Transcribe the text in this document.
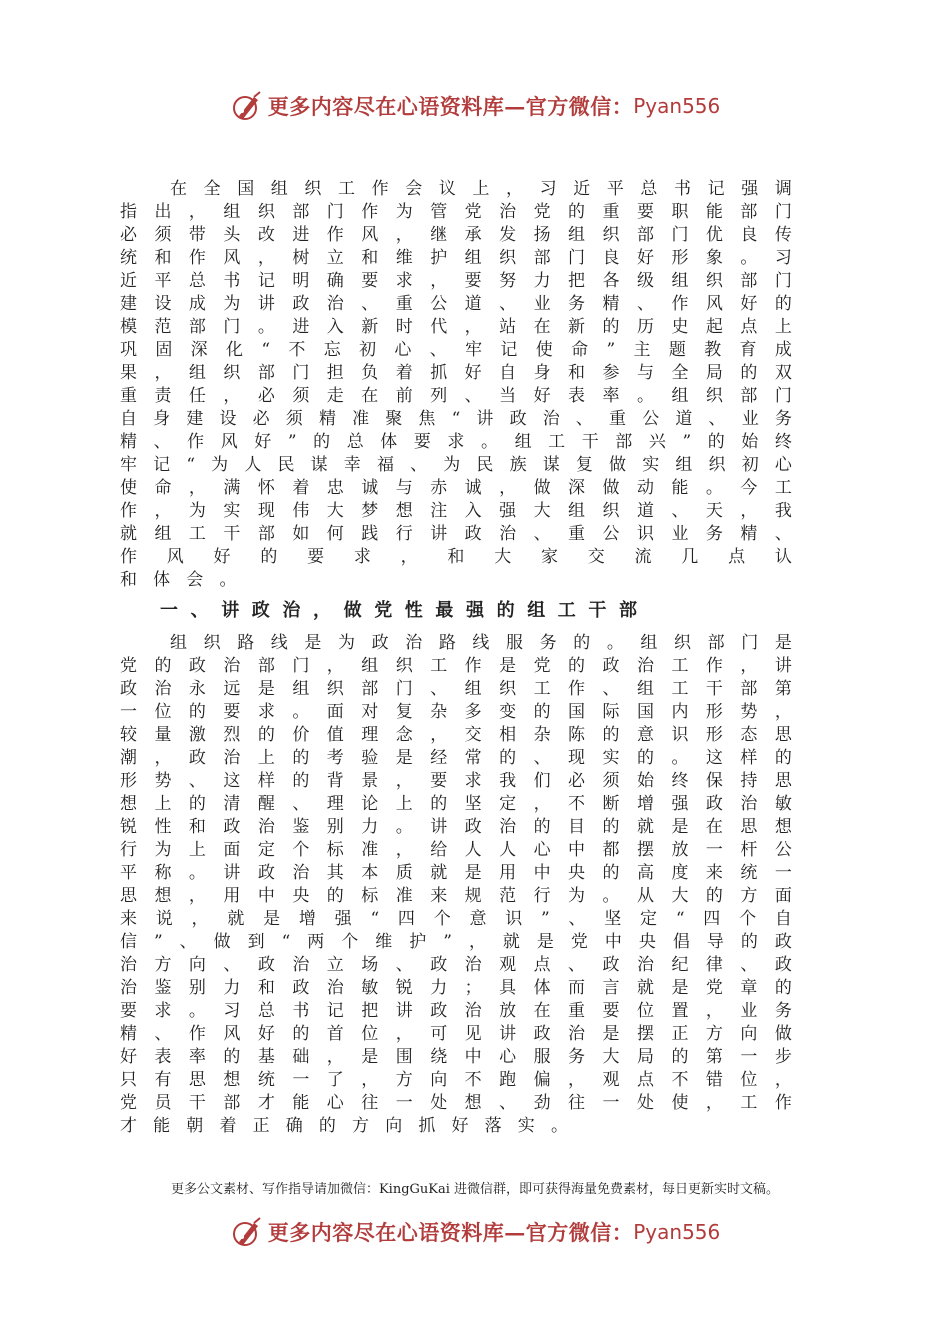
更多内容尽在心语资料库—官方微信： Pyan556

在全国组织工作会议上，习近平总书记强调指出，组织部门作为管党治党的重要职能部门必须带头改进作风，继承发扬组织部门优良传统和作风，树立和维护组织部门良好形象。习近平总书记明确要求，要努力把各级组织部门建设成为讲政治、重公道、业务精、作风好的模范部门。进入新时代，站在新的历史起点上巩固深化“不忘初心、牢记使命”主题教育成果，组织部门担负着抓好自身和参与全局的双重责任，必须走在前列、当好表率。组织部门自身建设必须精准聚焦“讲政治、重公道、业务精、作风好”的总体要求。组工干部兴”的始终牢记“为人民谋幸福、为民族谋复做实组织初心使命，满怀着忠诚与赤诚，做深做动能。今工作，为实现伟大梦想注入强大组织道、天，我就组工干部如何践行讲政治、重公识业务精、作风好的要求，和大家交流几点认

和体会。

一、讲政治，做党性最强的组工干部

组织路线是为政治路线服务的。组织部门是党的政治部门，组织工作是党的政治工作，讲政治永远是组织部门、组织工作、组工干部第一位的要求。面对复杂多变的国际国内形势，较量激烈的价值理念，交相杂陈的意识形态思潮，政治上的考验是经常的、现实的。这样的形势、这样的背景，要求我们必须始终保持思想上的清醒、理论上的坚定，不断增强政治敏锐性和政治鉴别力。讲政治的目的就是在思想行为上面定个标准，给人人心中都摆放一杆公平称。讲政治其本质就是用中央的高度来统一思想，用中央的标准来规范行为。从大的方面来说，就是增强“四个意识”、坚定“四个自信”、做到“两个维护”，就是党中央倡导的政治方向、政治立场、政治观点、政治纪律、政治鉴别力和政治敏锐力；具体而言就是党章的要求。习总书记把讲政治放在重要位置，业务精、作风好的首位，可见讲政治是摆正方向做好表率的基础，是围绕中心服务大局的第一步只有思想统一了，方向不跑偏，观点不错位，党员干部才能心往一处想、劲往一处使，工作

才能朝着正确的方向抓好落实。

更多公文素材、写作指导请加微信：KingGuKai 进微信群，即可获得海量免费素材，每日更新实时文稿。
更多内容尽在心语资料库—官方微信： Pyan556
